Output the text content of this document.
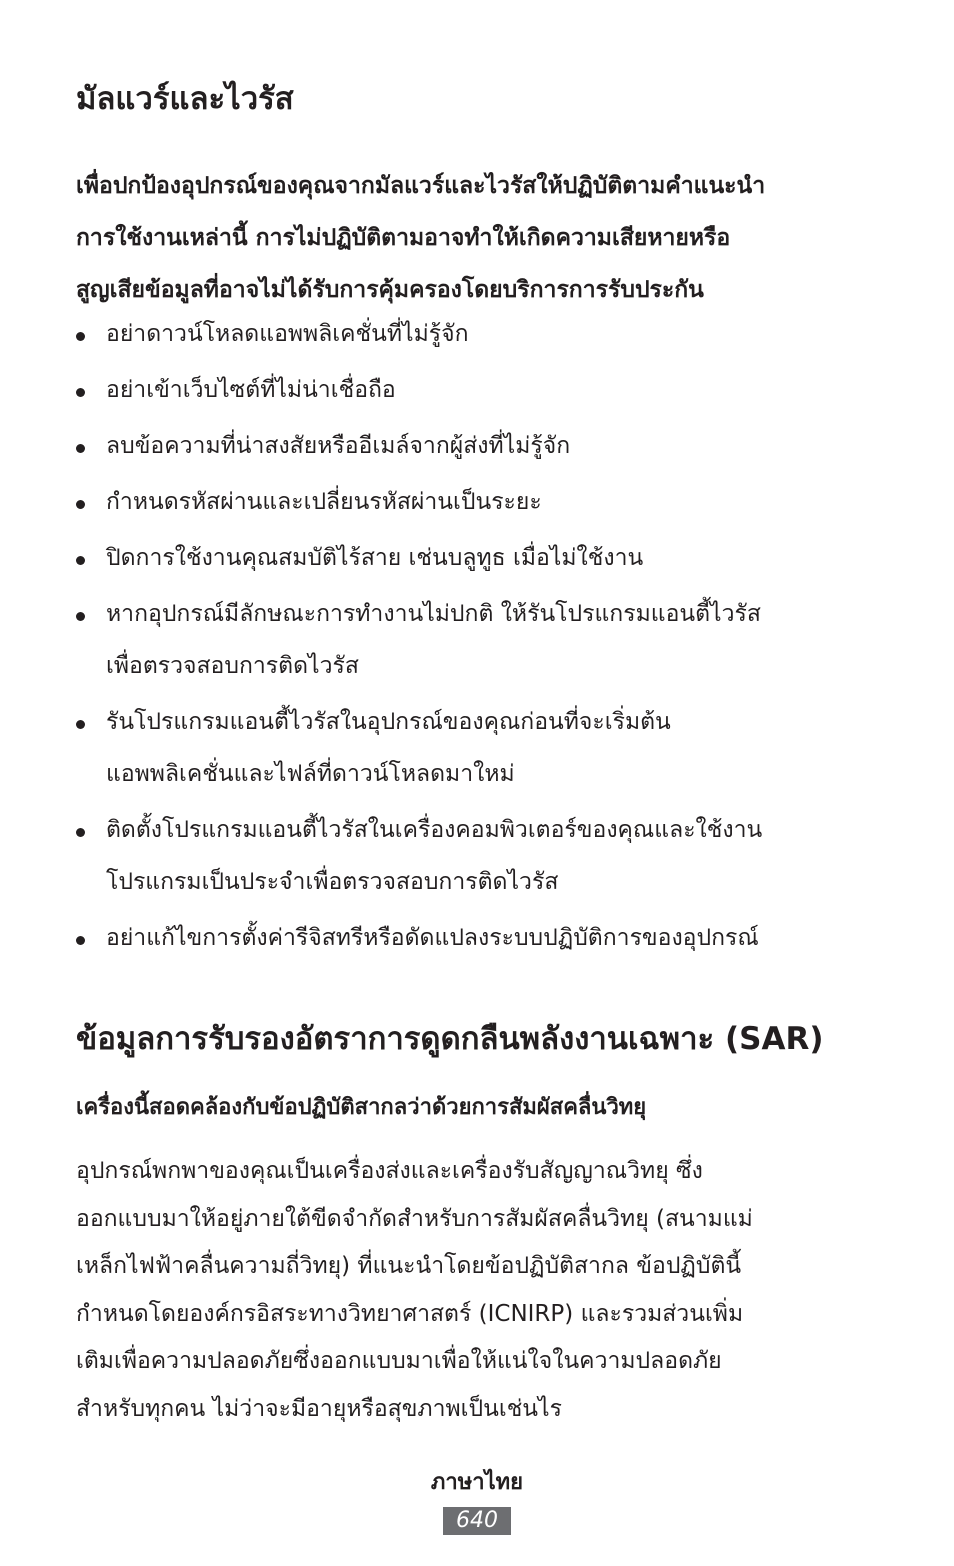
มัลแวร์และไวรัส
เพื่อปกป้องอุปกรณ์ของคุณจากมัลแวร์และไวรัสให้ปฏิบัติตามคำแนะนำ
การใช้งานเหล่านี้ การไม่ปฏิบัติตามอาจทำให้เกิดความเสียหายหรือ
สูญเสียข้อมูลที่อาจไม่ได้รับการคุ้มครองโดยบริการการรับประกัน
อย่าดาวน์โหลดแอพพลิเคชั่นที่ไม่รู้จัก
อย่าเข้าเว็บไซต์ที่ไม่น่าเชื่อถือ
ลบข้อความที่น่าสงสัยหรืออีเมล์จากผู้ส่งที่ไม่รู้จัก
กำหนดรหัสผ่านและเปลี่ยนรหัสผ่านเป็นระยะ
ปิดการใช้งานคุณสมบัติไร้สาย เช่นบลูทูธ เมื่อไม่ใช้งาน
หากอุปกรณ์มีลักษณะการทำงานไม่ปกติ ให้รันโปรแกรมแอนตี้ไวรัส
เพื่อตรวจสอบการติดไวรัส
รันโปรแกรมแอนตี้ไวรัสในอุปกรณ์ของคุณก่อนที่จะเริ่มต้น
แอพพลิเคชั่นและไฟล์ที่ดาวน์โหลดมาใหม่
ติดตั้งโปรแกรมแอนตี้ไวรัสในเครื่องคอมพิวเตอร์ของคุณและใช้งาน
โปรแกรมเป็นประจำเพื่อตรวจสอบการติดไวรัส
อย่าแก้ไขการตั้งค่ารีจิสทรีหรือดัดแปลงระบบปฏิบัติการของอุปกรณ์
ข้อมูลการรับรองอัตราการดูดกลืนพลังงานเฉพาะ (SAR)
เครื่องนี้สอดคล้องกับข้อปฏิบัติสากลว่าด้วยการสัมผัสคลื่นวิทยุ
อุปกรณ์พกพาของคุณเป็นเครื่องส่งและเครื่องรับสัญญาณวิทยุ ซึ่ง
ออกแบบมาให้อยู่ภายใต้ขีดจำกัดสำหรับการสัมผัสคลื่นวิทยุ (สนามแม่
เหล็กไฟฟ้าคลื่นความถี่วิทยุ) ที่แนะนำโดยข้อปฏิบัติสากล ข้อปฏิบัตินี้
กำหนดโดยองค์กรอิสระทางวิทยาศาสตร์ (ICNIRP) และรวมส่วนเพิ่ม
เติมเพื่อความปลอดภัยซึ่งออกแบบมาเพื่อให้แน่ใจในความปลอดภัย
สำหรับทุกคน ไม่ว่าจะมีอายุหรือสุขภาพเป็นเช่นไร
ภาษาไทย
640
